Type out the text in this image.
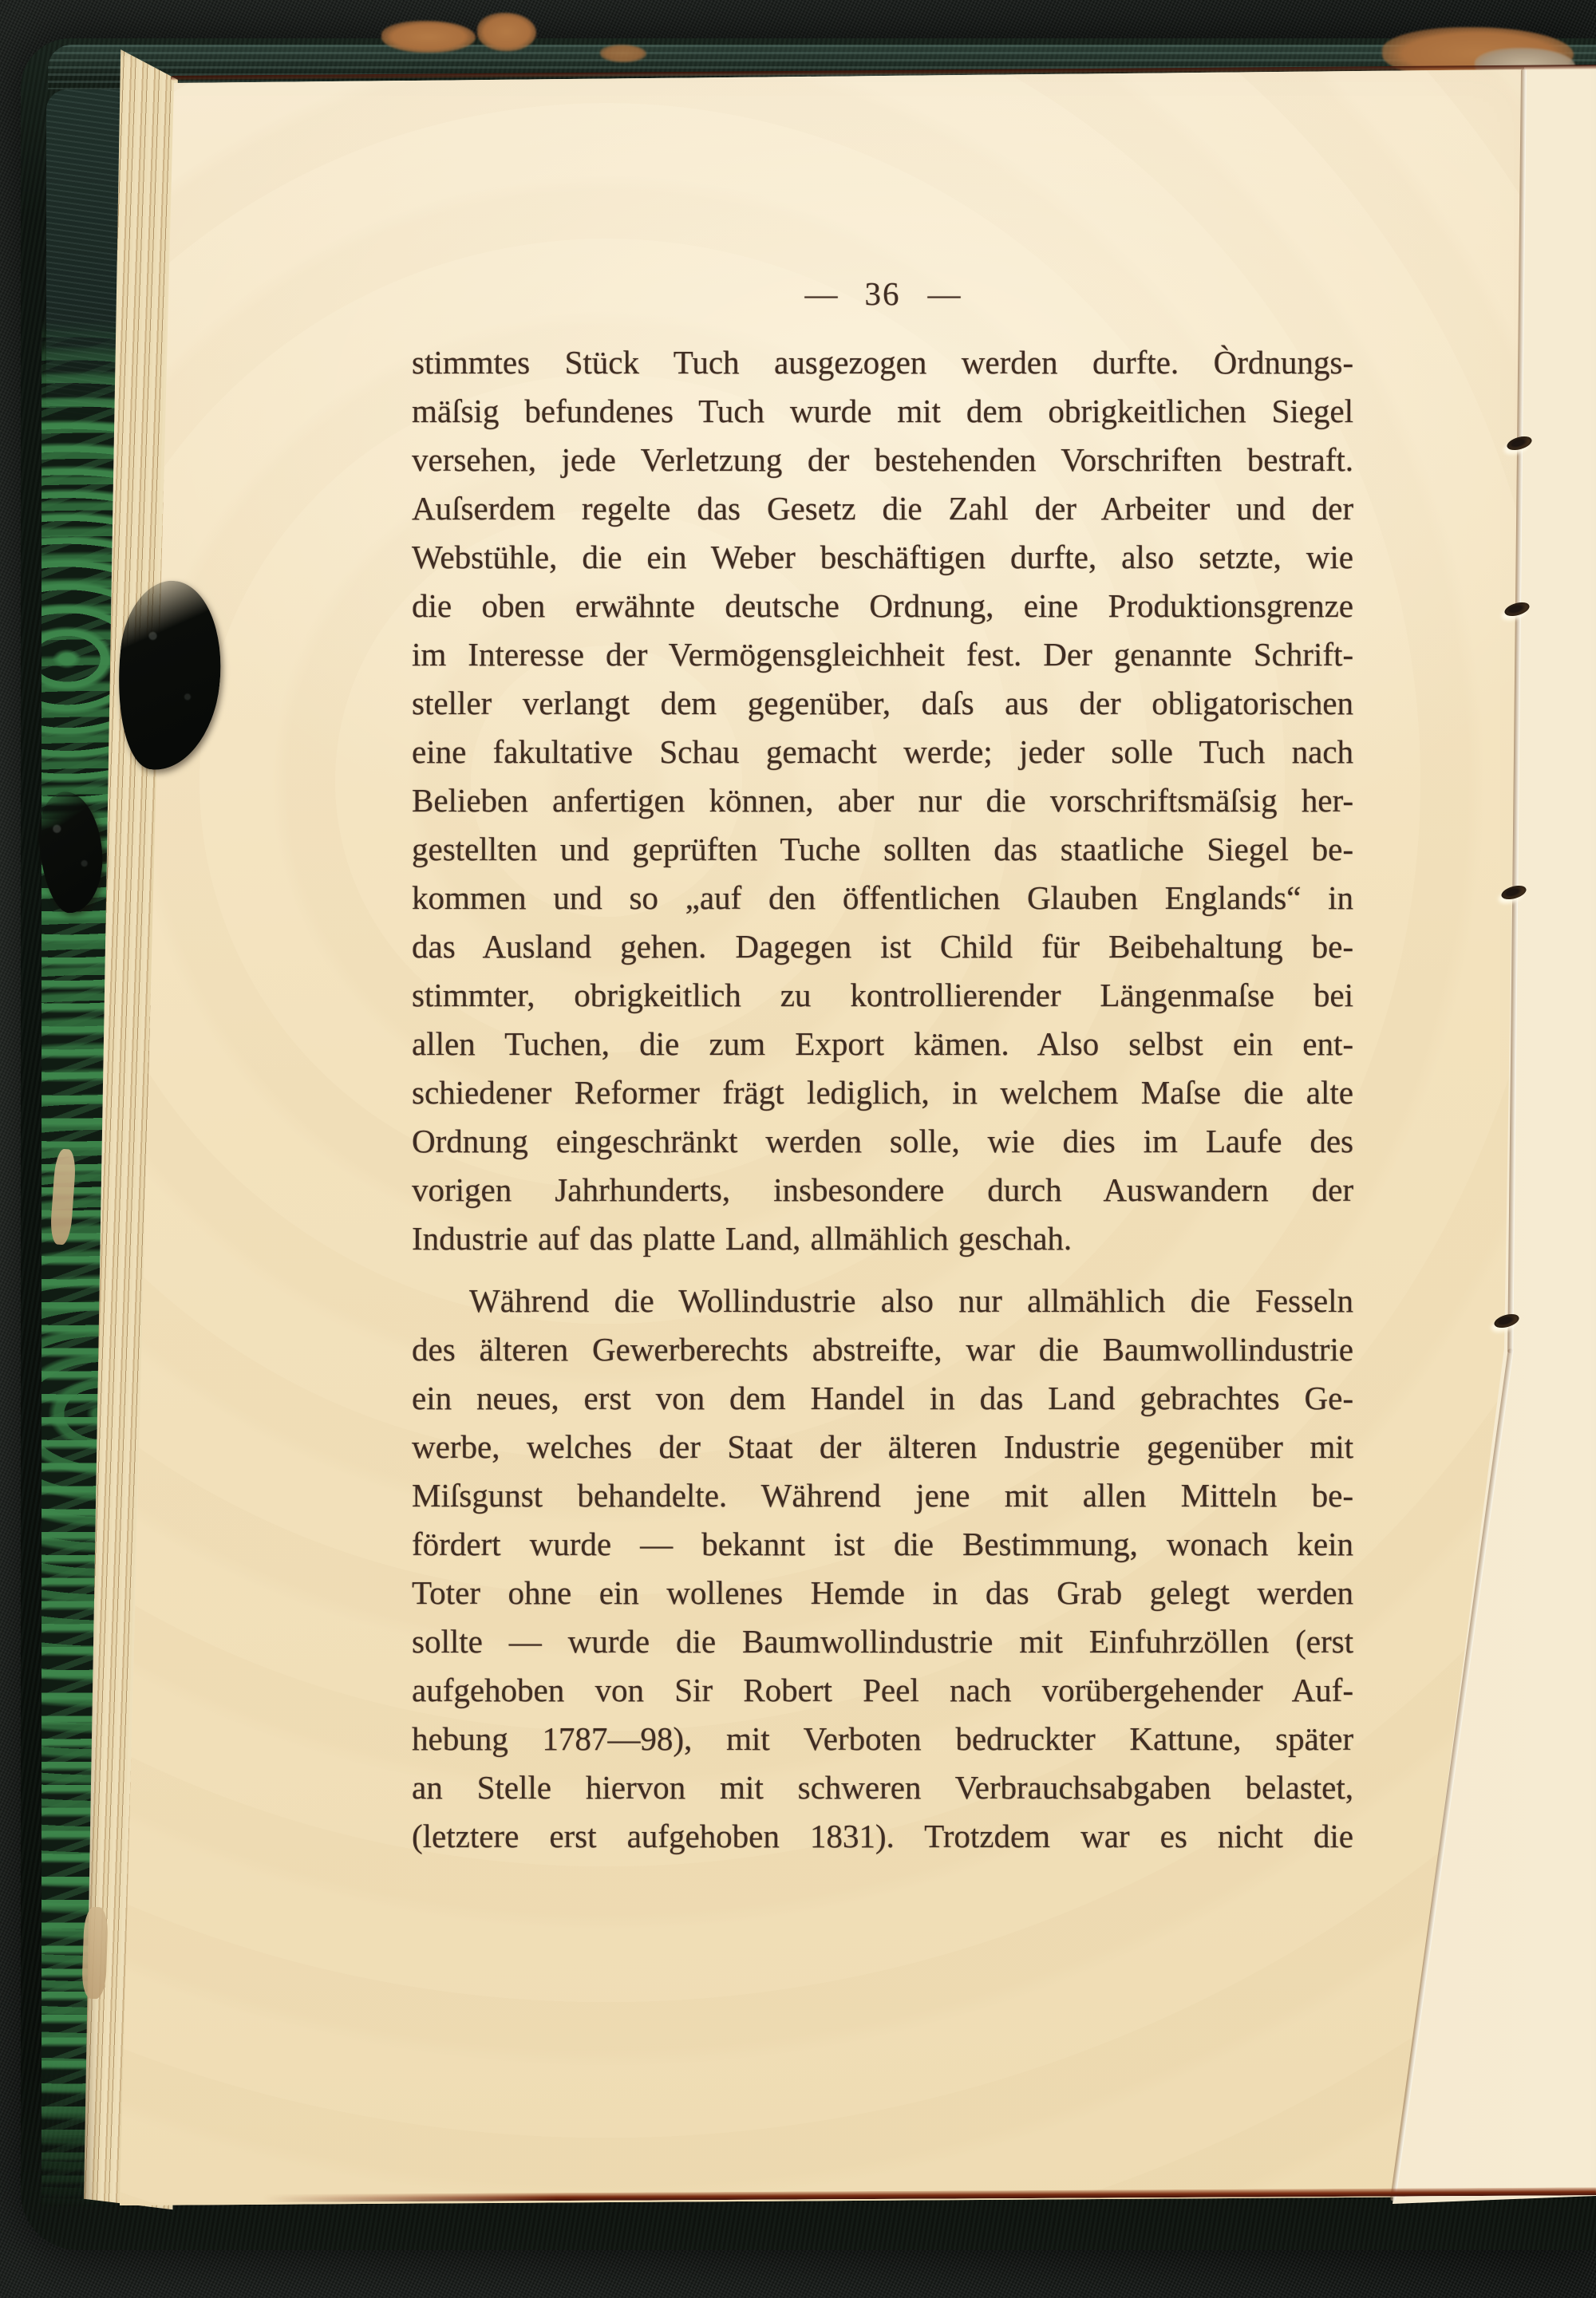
— 36 —
stimmtes Stück Tuch ausgezogen werden durfte. Òrdnungs-
mäſsig befundenes Tuch wurde mit dem obrigkeitlichen Siegel
versehen, jede Verletzung der bestehenden Vorschriften bestraft.
Auſserdem regelte das Gesetz die Zahl der Arbeiter und der
Webstühle, die ein Weber beschäftigen durfte, also setzte, wie
die oben erwähnte deutsche Ordnung, eine Produktionsgrenze
im Interesse der Vermögensgleichheit fest. Der genannte Schrift-
steller verlangt dem gegenüber, daſs aus der obligatorischen
eine fakultative Schau gemacht werde; jeder solle Tuch nach
Belieben anfertigen können, aber nur die vorschriftsmäſsig her-
gestellten und geprüften Tuche sollten das staatliche Siegel be-
kommen und so „auf den öffentlichen Glauben Englands“ in
das Ausland gehen. Dagegen ist Child für Beibehaltung be-
stimmter, obrigkeitlich zu kontrollierender Längenmaſse bei
allen Tuchen, die zum Export kämen. Also selbst ein ent-
schiedener Reformer frägt lediglich, in welchem Maſse die alte
Ordnung eingeschränkt werden solle, wie dies im Laufe des
vorigen Jahrhunderts, insbesondere durch Auswandern der
Industrie auf das platte Land, allmählich geschah.
Während die Wollindustrie also nur allmählich die Fesseln
des älteren Gewerberechts abstreifte, war die Baumwollindustrie
ein neues, erst von dem Handel in das Land gebrachtes Ge-
werbe, welches der Staat der älteren Industrie gegenüber mit
Miſsgunst behandelte. Während jene mit allen Mitteln be-
fördert wurde — bekannt ist die Bestimmung, wonach kein
Toter ohne ein wollenes Hemde in das Grab gelegt werden
sollte — wurde die Baumwollindustrie mit Einfuhrzöllen (erst
aufgehoben von Sir Robert Peel nach vorübergehender Auf-
hebung 1787—98), mit Verboten bedruckter Kattune, später
an Stelle hiervon mit schweren Verbrauchsabgaben belastet,
(letztere erst aufgehoben 1831). Trotzdem war es nicht die
